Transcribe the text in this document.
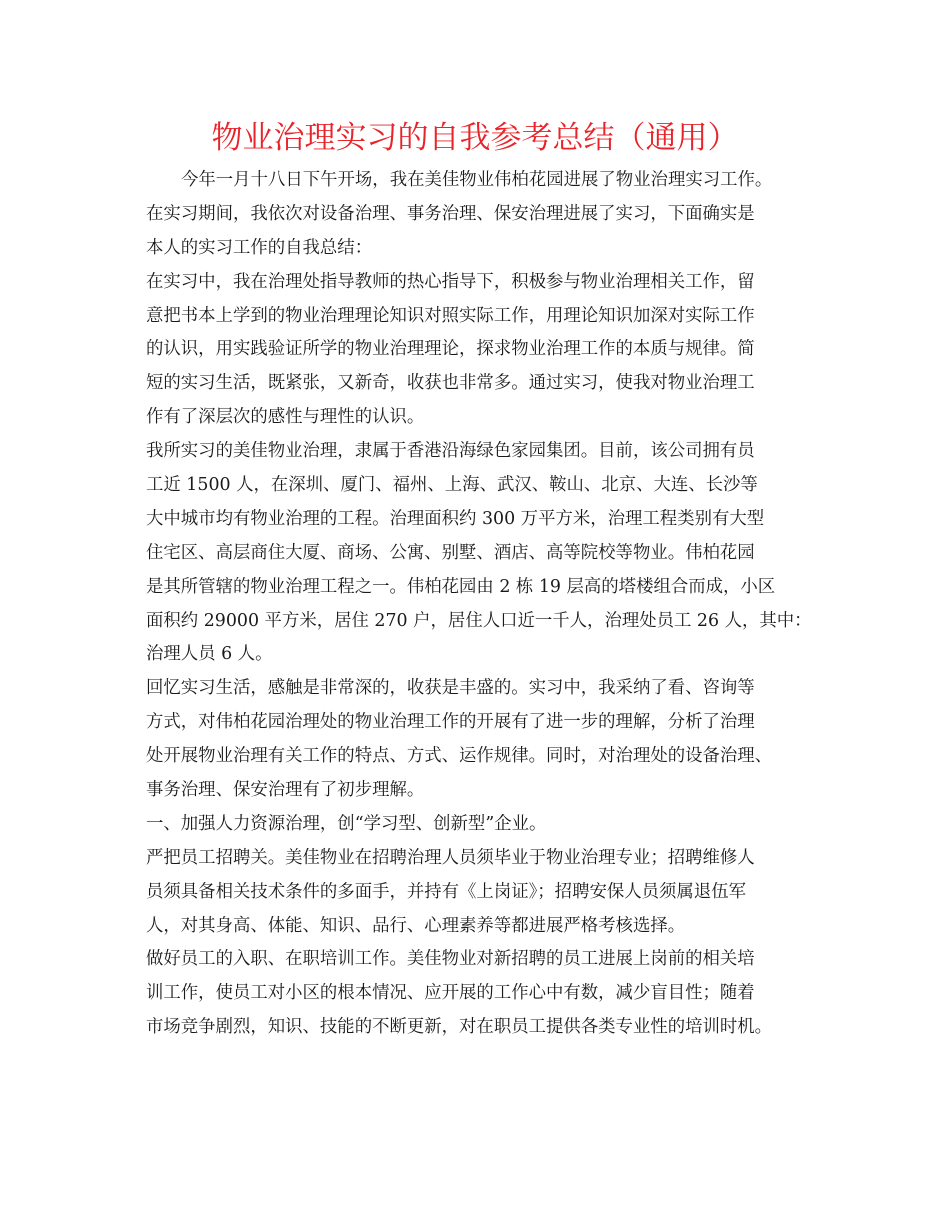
物业治理实习的自我参考总结（通用）
今年一月十八日下午开场，我在美佳物业伟柏花园进展了物业治理实习工作。
在实习期间，我依次对设备治理、事务治理、保安治理进展了实习，下面确实是
本人的实习工作的自我总结：
在实习中，我在治理处指导教师的热心指导下，积极参与物业治理相关工作，留
意把书本上学到的物业治理理论知识对照实际工作，用理论知识加深对实际工作
的认识，用实践验证所学的物业治理理论，探求物业治理工作的本质与规律。简
短的实习生活，既紧张，又新奇，收获也非常多。通过实习，使我对物业治理工
作有了深层次的感性与理性的认识。
我所实习的美佳物业治理，隶属于香港沿海绿色家园集团。目前，该公司拥有员
工近 1500 人，在深圳、厦门、福州、上海、武汉、鞍山、北京、大连、长沙等
大中城市均有物业治理的工程。治理面积约 300 万平方米，治理工程类别有大型
住宅区、高层商住大厦、商场、公寓、别墅、酒店、高等院校等物业。伟柏花园
是其所管辖的物业治理工程之一。伟柏花园由 2 栋 19 层高的塔楼组合而成，小区
面积约 29000 平方米，居住 270 户，居住人口近一千人，治理处员工 26 人，其中：
治理人员 6 人。
回忆实习生活，感触是非常深的，收获是丰盛的。实习中，我采纳了看、咨询等
方式，对伟柏花园治理处的物业治理工作的开展有了进一步的理解，分析了治理
处开展物业治理有关工作的特点、方式、运作规律。同时，对治理处的设备治理、
事务治理、保安治理有了初步理解。
一、加强人力资源治理，创“学习型、创新型”企业。
严把员工招聘关。美佳物业在招聘治理人员须毕业于物业治理专业；招聘维修人
员须具备相关技术条件的多面手，并持有《上岗证》；招聘安保人员须属退伍军
人，对其身高、体能、知识、品行、心理素养等都进展严格考核选择。
做好员工的入职、在职培训工作。美佳物业对新招聘的员工进展上岗前的相关培
训工作，使员工对小区的根本情况、应开展的工作心中有数，减少盲目性；随着
市场竞争剧烈，知识、技能的不断更新，对在职员工提供各类专业性的培训时机。
